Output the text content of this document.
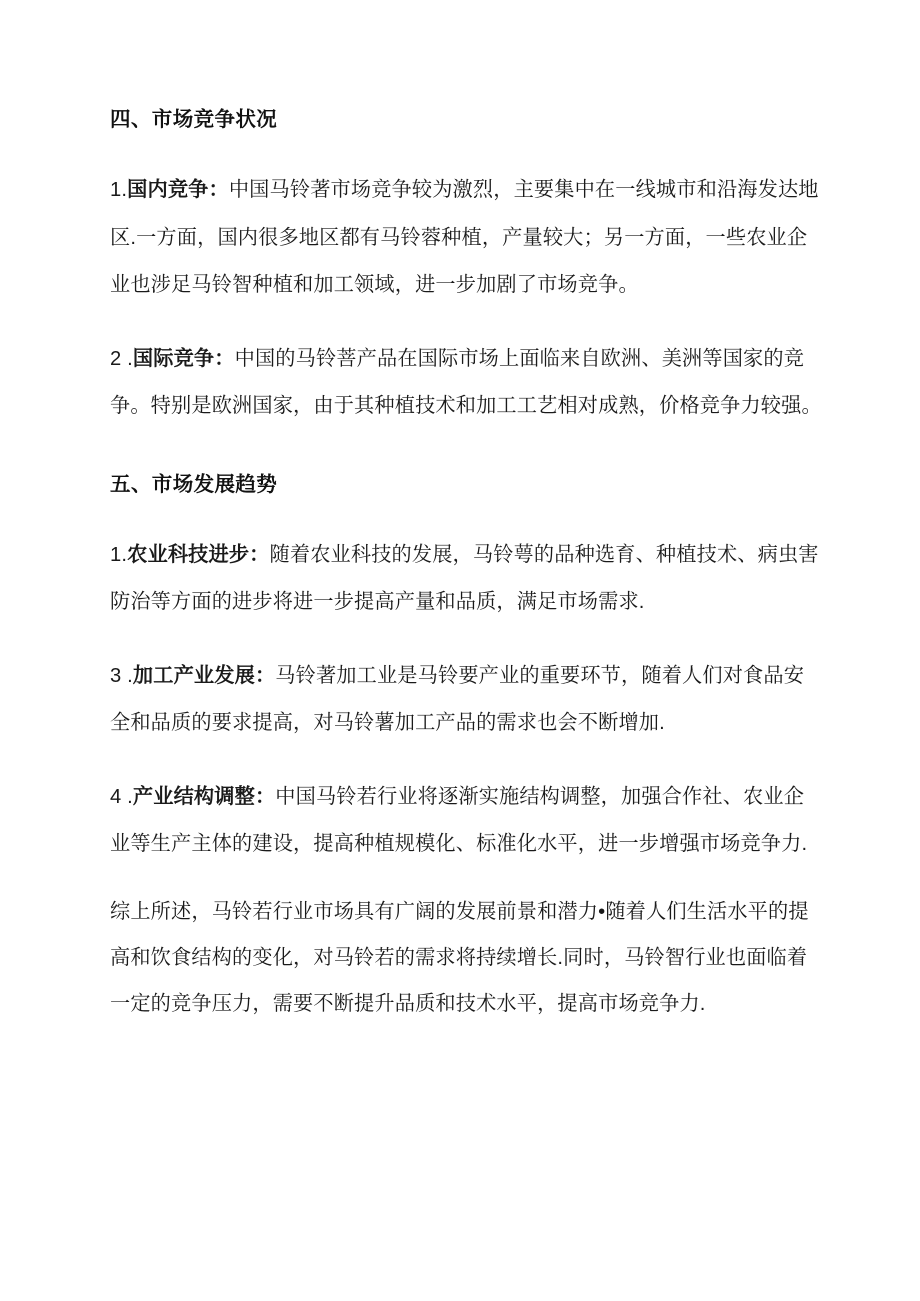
四、市场竞争状况

1.国内竞争：中国马铃著市场竞争较为激烈，主要集中在一线城市和沿海发达地区.一方面，国内很多地区都有马铃蓉种植，产量较大；另一方面，一些农业企业也涉足马铃智种植和加工领域，进一步加剧了市场竞争。

2 .国际竞争：中国的马铃菩产品在国际市场上面临来自欧洲、美洲等国家的竞争。特别是欧洲国家，由于其种植技术和加工工艺相对成熟，价格竞争力较强。

五、市场发展趋势

1.农业科技进步：随着农业科技的发展，马铃萼的品种选育、种植技术、病虫害防治等方面的进步将进一步提高产量和品质，满足市场需求.

3 .加工产业发展：马铃著加工业是马铃要产业的重要环节，随着人们对食品安全和品质的要求提高，对马铃薯加工产品的需求也会不断增加.

4 .产业结构调整：中国马铃若行业将逐渐实施结构调整，加强合作社、农业企业等生产主体的建设，提高种植规模化、标准化水平，进一步增强市场竞争力.

综上所述，马铃若行业市场具有广阔的发展前景和潜力•随着人们生活水平的提高和饮食结构的变化，对马铃若的需求将持续增长.同时，马铃智行业也面临着一定的竞争压力，需要不断提升品质和技术水平，提高市场竞争力.
